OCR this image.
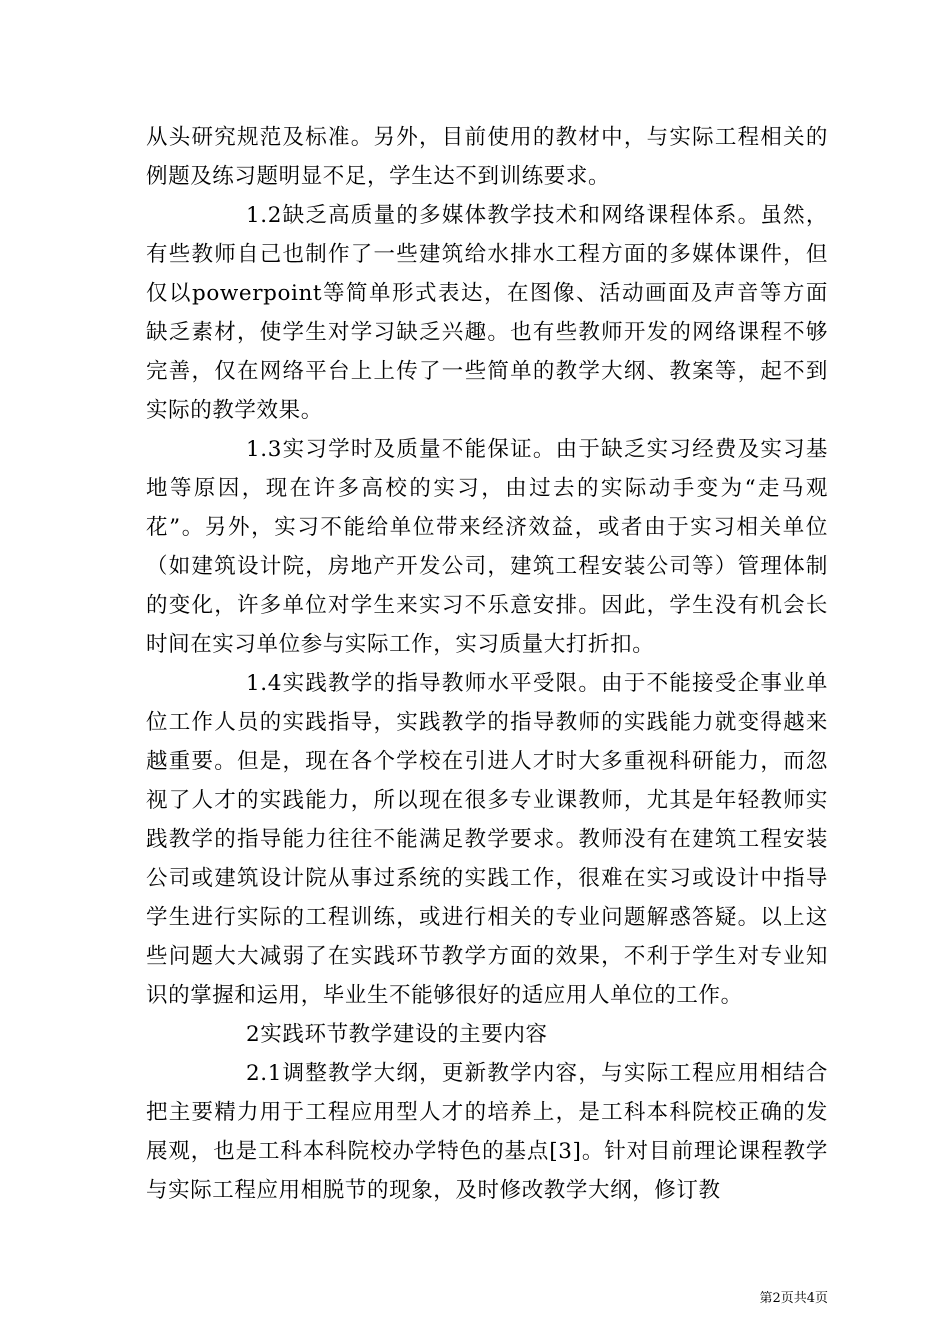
从头研究规范及标准。另外，目前使用的教材中，与实际工程相关的例题及练习题明显不足，学生达不到训练要求。

1.2缺乏高质量的多媒体教学技术和网络课程体系。虽然，有些教师自己也制作了一些建筑给水排水工程方面的多媒体课件，但仅以powerpoint等简单形式表达，在图像、活动画面及声音等方面缺乏素材，使学生对学习缺乏兴趣。也有些教师开发的网络课程不够完善，仅在网络平台上上传了一些简单的教学大纲、教案等，起不到实际的教学效果。

1.3实习学时及质量不能保证。由于缺乏实习经费及实习基地等原因，现在许多高校的实习，由过去的实际动手变为“走马观花”。另外，实习不能给单位带来经济效益，或者由于实习相关单位（如建筑设计院，房地产开发公司，建筑工程安装公司等）管理体制的变化，许多单位对学生来实习不乐意安排。因此，学生没有机会长时间在实习单位参与实际工作，实习质量大打折扣。

1.4实践教学的指导教师水平受限。由于不能接受企事业单位工作人员的实践指导，实践教学的指导教师的实践能力就变得越来越重要。但是，现在各个学校在引进人才时大多重视科研能力，而忽视了人才的实践能力，所以现在很多专业课教师，尤其是年轻教师实践教学的指导能力往往不能满足教学要求。教师没有在建筑工程安装公司或建筑设计院从事过系统的实践工作，很难在实习或设计中指导学生进行实际的工程训练，或进行相关的专业问题解惑答疑。以上这些问题大大减弱了在实践环节教学方面的效果，不利于学生对专业知识的掌握和运用，毕业生不能够很好的适应用人单位的工作。

2实践环节教学建设的主要内容

2.1调整教学大纲，更新教学内容，与实际工程应用相结合把主要精力用于工程应用型人才的培养上，是工科本科院校正确的发展观，也是工科本科院校办学特色的基点[3]。针对目前理论课程教学与实际工程应用相脱节的现象，及时修改教学大纲，修订教

第2页共4页
